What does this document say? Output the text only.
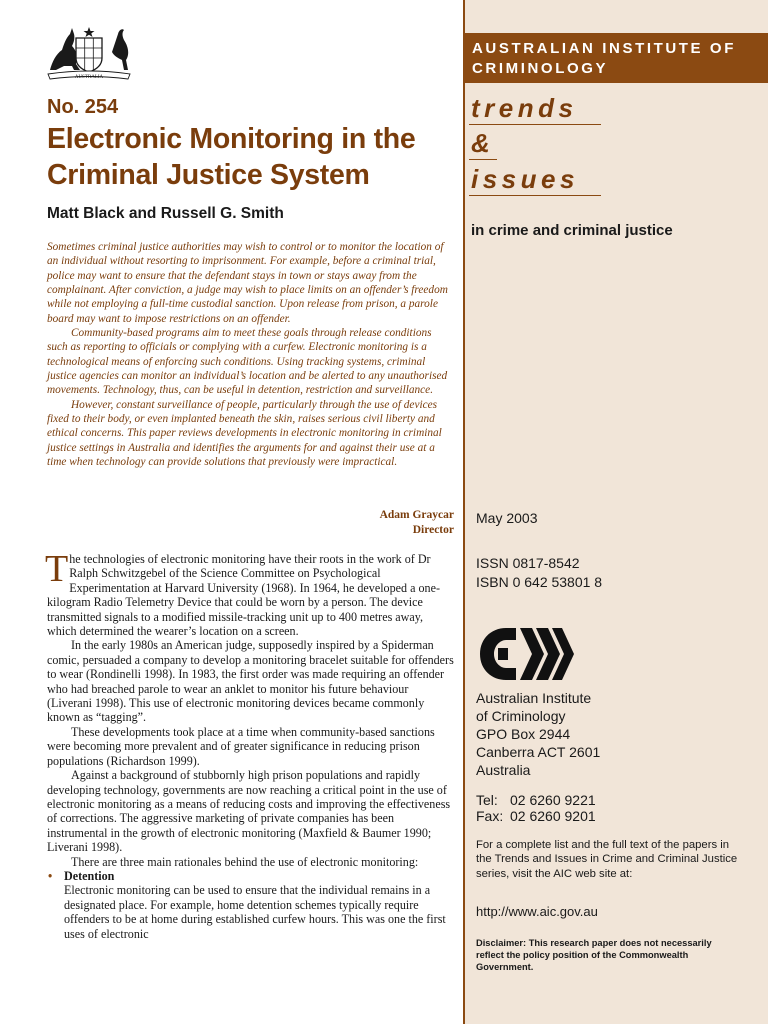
AUSTRALIA
No. 254
Electronic Monitoring in the Criminal Justice System
Matt Black and Russell G. Smith

Sometimes criminal justice authorities may wish to control or to monitor the location of an individual without resorting to imprisonment. For example, before a criminal trial, police may want to ensure that the defendant stays in town or stays away from the complainant. After conviction, a judge may wish to place limits on an offender’s freedom while not employing a full-time custodial sanction. Upon release from prison, a parole board may want to impose restrictions on an offender.

Community-based programs aim to meet these goals through release conditions such as reporting to officials or complying with a curfew. Electronic monitoring is a technological means of enforcing such conditions. Using tracking systems, criminal justice agencies can monitor an individual’s location and be alerted to any unauthorised movements. Technology, thus, can be useful in detention, restriction and surveillance.

However, constant surveillance of people, particularly through the use of devices fixed to their body, or even implanted beneath the skin, raises serious civil liberty and ethical concerns. This paper reviews developments in electronic monitoring in criminal justice settings in Australia and identifies the arguments for and against their use at a time when technology can provide solutions that previously were impractical.

Adam Graycar
Director

The technologies of electronic monitoring have their roots in the work of Dr Ralph Schwitzgebel of the Science Committee on Psychological Experimentation at Harvard University (1968). In 1964, he developed a one-kilogram Radio Telemetry Device that could be worn by a person. The device transmitted signals to a modified missile-tracking unit up to 400 metres away, which determined the wearer’s location on a screen.

In the early 1980s an American judge, supposedly inspired by a Spiderman comic, persuaded a company to develop a monitoring bracelet suitable for offenders to wear (Rondinelli 1998). In 1983, the first order was made requiring an offender who had breached parole to wear an anklet to monitor his future behaviour (Liverani 1998). This use of electronic monitoring devices became commonly known as “tagging”.

These developments took place at a time when community-based sanctions were becoming more prevalent and of greater significance in reducing prison populations (Richardson 1999).

Against a background of stubbornly high prison populations and rapidly developing technology, governments are now reaching a critical point in the use of electronic monitoring as a means of reducing costs and improving the effectiveness of corrections. The aggressive marketing of private companies has been instrumental in the growth of electronic monitoring (Maxfield & Baumer 1990; Liverani 1998).

There are three main rationales behind the use of electronic monitoring:

• Detention
Electronic monitoring can be used to ensure that the individual remains in a designated place. For example, home detention schemes typically require offenders to be at home during established curfew hours. This was one the first uses of electronic
AUSTRALIAN INSTITUTE OF CRIMINOLOGY
trends
&
issues
in crime and criminal justice
May 2003
ISSN 0817-8542
ISBN 0 642 53801 8
Australian Institute
of Criminology
GPO Box 2944
Canberra ACT 2601
Australia
Tel: 02 6260 9221
Fax: 02 6260 9201

For a complete list and the full text of the papers in the Trends and Issues in Crime and Criminal Justice series, visit the AIC web site at:

http://www.aic.gov.au

Disclaimer: This research paper does not necessarily reflect the policy position of the Commonwealth Government.
